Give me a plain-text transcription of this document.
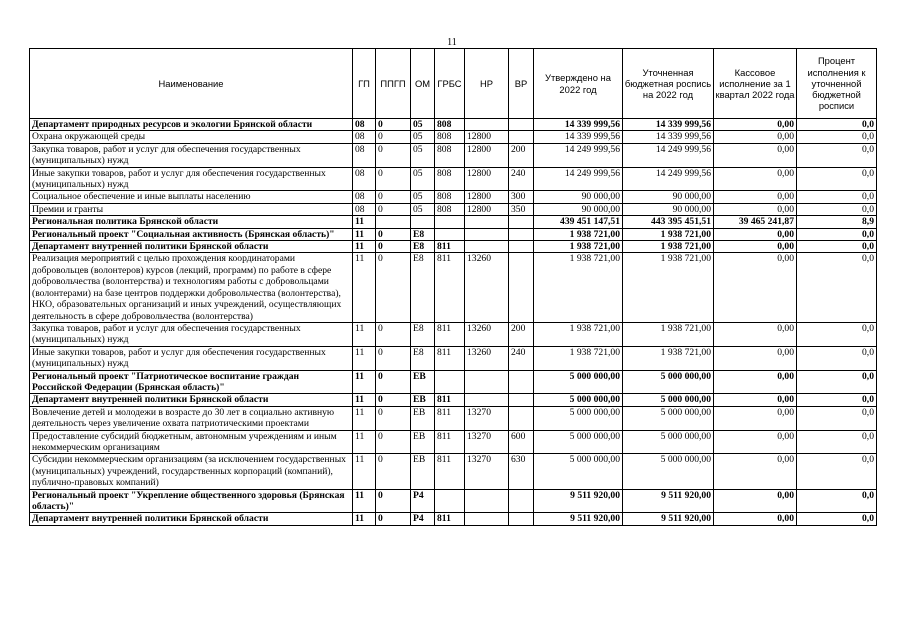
11
Наименование	ГП	ППГП	ОМ	ГРБС	НР	ВР	Утверждено на 2022 год	Уточненная бюджетная роспись на 2022 год	Кассовое исполнение за 1 квартал 2022 года	Процент исполнения к уточненной бюджетной росписи
Департамент природных ресурсов и экологии Брянской области	08	0	05	808			14 339 999,56	14 339 999,56	0,00	0,0
Охрана окружающей среды	08	0	05	808	12800		14 339 999,56	14 339 999,56	0,00	0,0
Закупка товаров, работ и услуг для обеспечения государственных (муниципальных) нужд	08	0	05	808	12800	200	14 249 999,56	14 249 999,56	0,00	0,0
Иные закупки товаров, работ и услуг для обеспечения государственных (муниципальных) нужд	08	0	05	808	12800	240	14 249 999,56	14 249 999,56	0,00	0,0
Социальное обеспечение и иные выплаты населению	08	0	05	808	12800	300	90 000,00	90 000,00	0,00	0,0
Премии и гранты	08	0	05	808	12800	350	90 000,00	90 000,00	0,00	0,0
Региональная политика Брянской области	11						439 451 147,51	443 395 451,51	39 465 241,87	8,9
Региональный проект "Социальная активность (Брянская область)"	11	0	E8				1 938 721,00	1 938 721,00	0,00	0,0
Департамент внутренней политики Брянской области	11	0	E8	811			1 938 721,00	1 938 721,00	0,00	0,0
Реализация мероприятий с целью прохождения координаторами добровольцев (волонтеров) курсов (лекций, программ) по работе в сфере добровольчества (волонтерства) и технологиям работы с добровольцами (волонтерами) на базе центров поддержки добровольчества (волонтерства), НКО, образовательных организаций и иных учреждений, осуществляющих деятельность в сфере добровольчества (волонтерства)	11	0	E8	811	13260		1 938 721,00	1 938 721,00	0,00	0,0
Закупка товаров, работ и услуг для обеспечения государственных (муниципальных) нужд	11	0	E8	811	13260	200	1 938 721,00	1 938 721,00	0,00	0,0
Иные закупки товаров, работ и услуг для обеспечения государственных (муниципальных) нужд	11	0	E8	811	13260	240	1 938 721,00	1 938 721,00	0,00	0,0
Региональный проект "Патриотическое воспитание граждан Российской Федерации (Брянская область)"	11	0	EB				5 000 000,00	5 000 000,00	0,00	0,0
Департамент внутренней политики Брянской области	11	0	EB	811			5 000 000,00	5 000 000,00	0,00	0,0
Вовлечение детей и молодежи в возрасте до 30 лет в социально активную деятельность через увеличение охвата патриотическими проектами	11	0	EB	811	13270		5 000 000,00	5 000 000,00	0,00	0,0
Предоставление субсидий бюджетным, автономным учреждениям и иным некоммерческим организациям	11	0	EB	811	13270	600	5 000 000,00	5 000 000,00	0,00	0,0
Субсидии некоммерческим организациям (за исключением государственных (муниципальных) учреждений, государственных корпораций (компаний), публично-правовых компаний)	11	0	EB	811	13270	630	5 000 000,00	5 000 000,00	0,00	0,0
Региональный проект "Укрепление общественного здоровья (Брянская область)"	11	0	P4				9 511 920,00	9 511 920,00	0,00	0,0
Департамент внутренней политики Брянской области	11	0	P4	811			9 511 920,00	9 511 920,00	0,00	0,0
